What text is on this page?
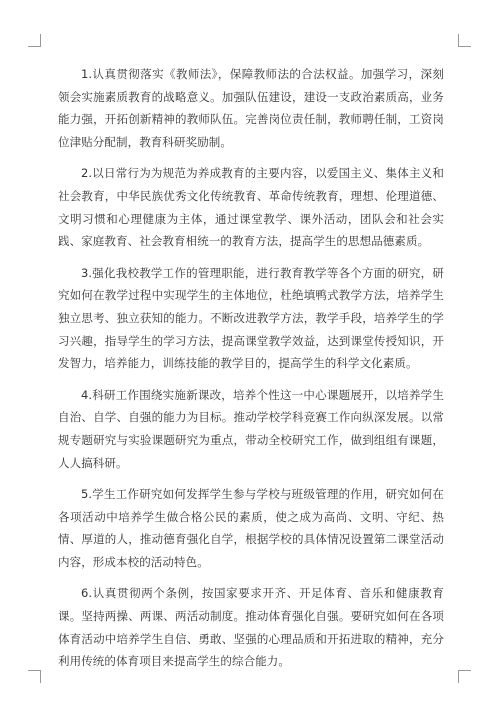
1.认真贯彻落实《教师法》，保障教师法的合法权益。加强学习，深刻领会实施素质教育的战略意义。加强队伍建设，建设一支政治素质高，业务能力强，开拓创新精神的教师队伍。完善岗位责任制，教师聘任制，工资岗位津贴分配制，教育科研奖励制。

2.以日常行为为规范为养成教育的主要内容，以爱国主义、集体主义和社会教育，中华民族优秀文化传统教育、革命传统教育，理想、伦理道德、文明习惯和心理健康为主体，通过课堂教学、课外活动，团队会和社会实践、家庭教育、社会教育相统一的教育方法，提高学生的思想品德素质。

3.强化我校教学工作的管理职能，进行教育教学等各个方面的研究，研究如何在教学过程中实现学生的主体地位，杜绝填鸭式教学方法，培养学生独立思考、独立获知的能力。不断改进教学方法，教学手段，培养学生的学习兴趣，指导学生的学习方法，提高课堂教学效益，达到课堂传授知识，开发智力，培养能力，训练技能的教学目的，提高学生的科学文化素质。

4.科研工作围绕实施新课改，培养个性这一中心课题展开，以培养学生自治、自学、自强的能力为目标。推动学校学科竞赛工作向纵深发展。以常规专题研究与实验课题研究为重点，带动全校研究工作，做到组组有课题，人人搞科研。

5.学生工作研究如何发挥学生参与学校与班级管理的作用，研究如何在各项活动中培养学生做合格公民的素质，使之成为高尚、文明、守纪、热情、厚道的人，推动德育强化自学，根据学校的具体情况设置第二课堂活动内容，形成本校的活动特色。

6.认真贯彻两个条例，按国家要求开齐、开足体育、音乐和健康教育课。坚持两操、两课、两活动制度。推动体育强化自强。要研究如何在各项体育活动中培养学生自信、勇敢、坚强的心理品质和开拓进取的精神，充分利用传统的体育项目来提高学生的综合能力。
